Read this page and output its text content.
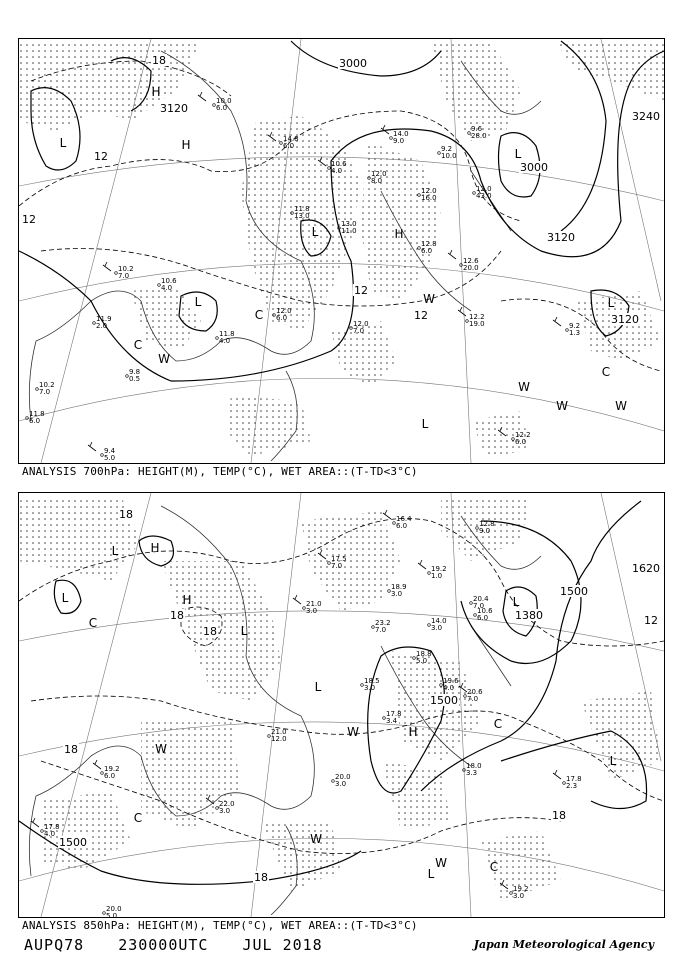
10.0
6.0
14.8
6.0
10.6
4.0	12.0
8.0
14.0
9.0
9.2
10.0
12.0
16.0
11.8
13.0
13.0
11.0
12.8
6.0
12.6
20.0
10.2
7.0
11.9
2.0
10.6
4.0
12.0
6.0
12.0
7.0
11.8
4.0
9.8
0.5
10.2
7.0
11.8
6.0
9.4
5.0
12.2
19.0	9.2
1.3
12.2
6.0
9.6
28.0
12.0
43.0
3000
3120
3000
3120
3240
3120
12
12
12
12
18
H
H
L
L
L	H
L
C
C
W
W	L
C
W
W	W
L
ANALYSIS 700hPa: HEIGHT(M), TEMP(°C), WET AREA::(T-TD<3°C)
16.4
6.0	12.8
9.0
17.5
7.0
18.9
3.0
19.2
1.0
21.0
3.0
20.4
7.0
10.6
6.0
23.2
7.0
14.0
3.0
18.8
5.0
18.5
3.0
19.6
4.0 20.6
7.0
17.8
3.4
21.0
12.0
20.0
3.0
18.0
3.3
19.2
6.0	17.8
2.3
22.0
3.0
20.0
5.0
19.2
3.0
17.8
4.0
18
18
18
1500
1380
1620
12
1500
18
18
1500
18
L	H
H
L
C
L
L
L
H
W
C
W
L
C
W
W
L	C
ANALYSIS 850hPa: HEIGHT(M), TEMP(°C), WET AREA::(T-TD<3°C)
AUPQ78 230000UTC JUL 2018	Japan Meteorological Agency
